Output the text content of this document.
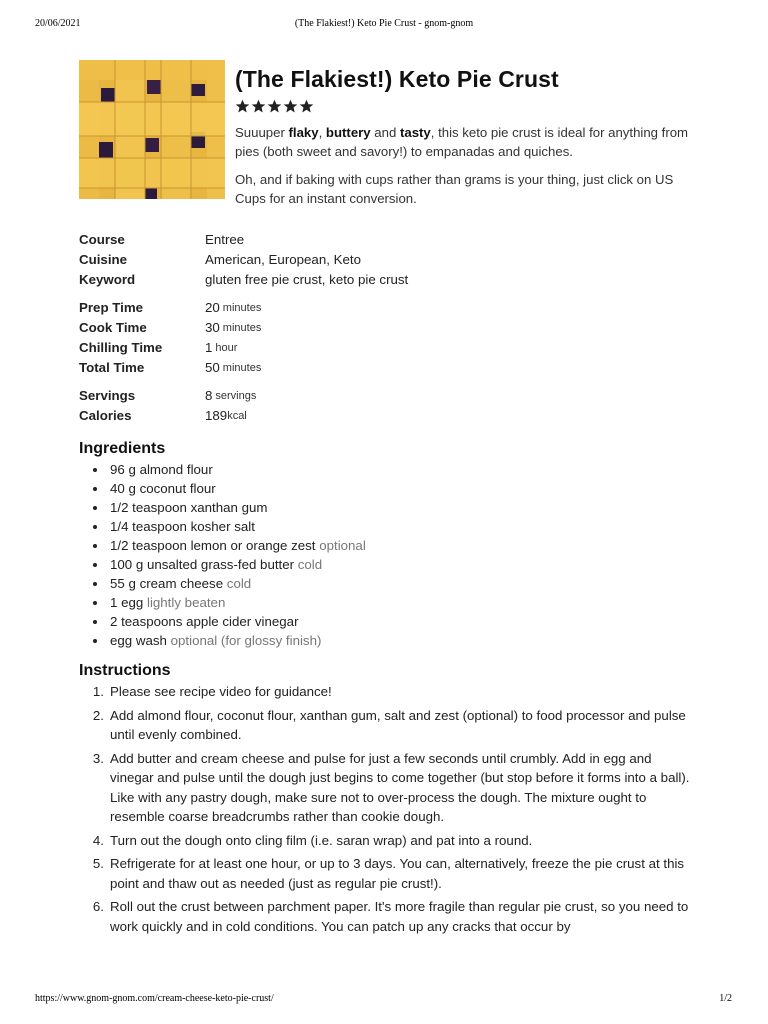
20/06/2021	(The Flakiest!) Keto Pie Crust - gnom-gnom
(The Flakiest!) Keto Pie Crust

Suuuper flaky, buttery and tasty, this keto pie crust is ideal for anything from pies (both sweet and savory!) to empanadas and quiches.

Oh, and if baking with cups rather than grams is your thing, just click on US Cups for an instant conversion.

Course	Entree
Cuisine	American, European, Keto
Keyword	gluten free pie crust, keto pie crust
Prep Time	20 minutes
Cook Time	30 minutes
Chilling Time	1 hour
Total Time	50 minutes
Servings	8 servings
Calories	189 kcal
Ingredients
96 g almond flour
40 g coconut flour
1/2 teaspoon xanthan gum
1/4 teaspoon kosher salt
1/2 teaspoon lemon or orange zest optional
100 g unsalted grass-fed butter cold
55 g cream cheese cold
1 egg lightly beaten
2 teaspoons apple cider vinegar
egg wash optional (for glossy finish)
Instructions
1. Please see recipe video for guidance!
2. Add almond flour, coconut flour, xanthan gum, salt and zest (optional) to food processor and pulse until evenly combined.
3. Add butter and cream cheese and pulse for just a few seconds until crumbly. Add in egg and vinegar and pulse until the dough just begins to come together (but stop before it forms into a ball). Like with any pastry dough, make sure not to over-process the dough. The mixture ought to resemble coarse breadcrumbs rather than cookie dough.
4. Turn out the dough onto cling film (i.e. saran wrap) and pat into a round.
5. Refrigerate for at least one hour, or up to 3 days. You can, alternatively, freeze the pie crust at this point and thaw out as needed (just as regular pie crust!).
6. Roll out the crust between parchment paper. It's more fragile than regular pie crust, so you need to work quickly and in cold conditions. You can patch up any cracks that occur by
https://www.gnom-gnom.com/cream-cheese-keto-pie-crust/	1/2
